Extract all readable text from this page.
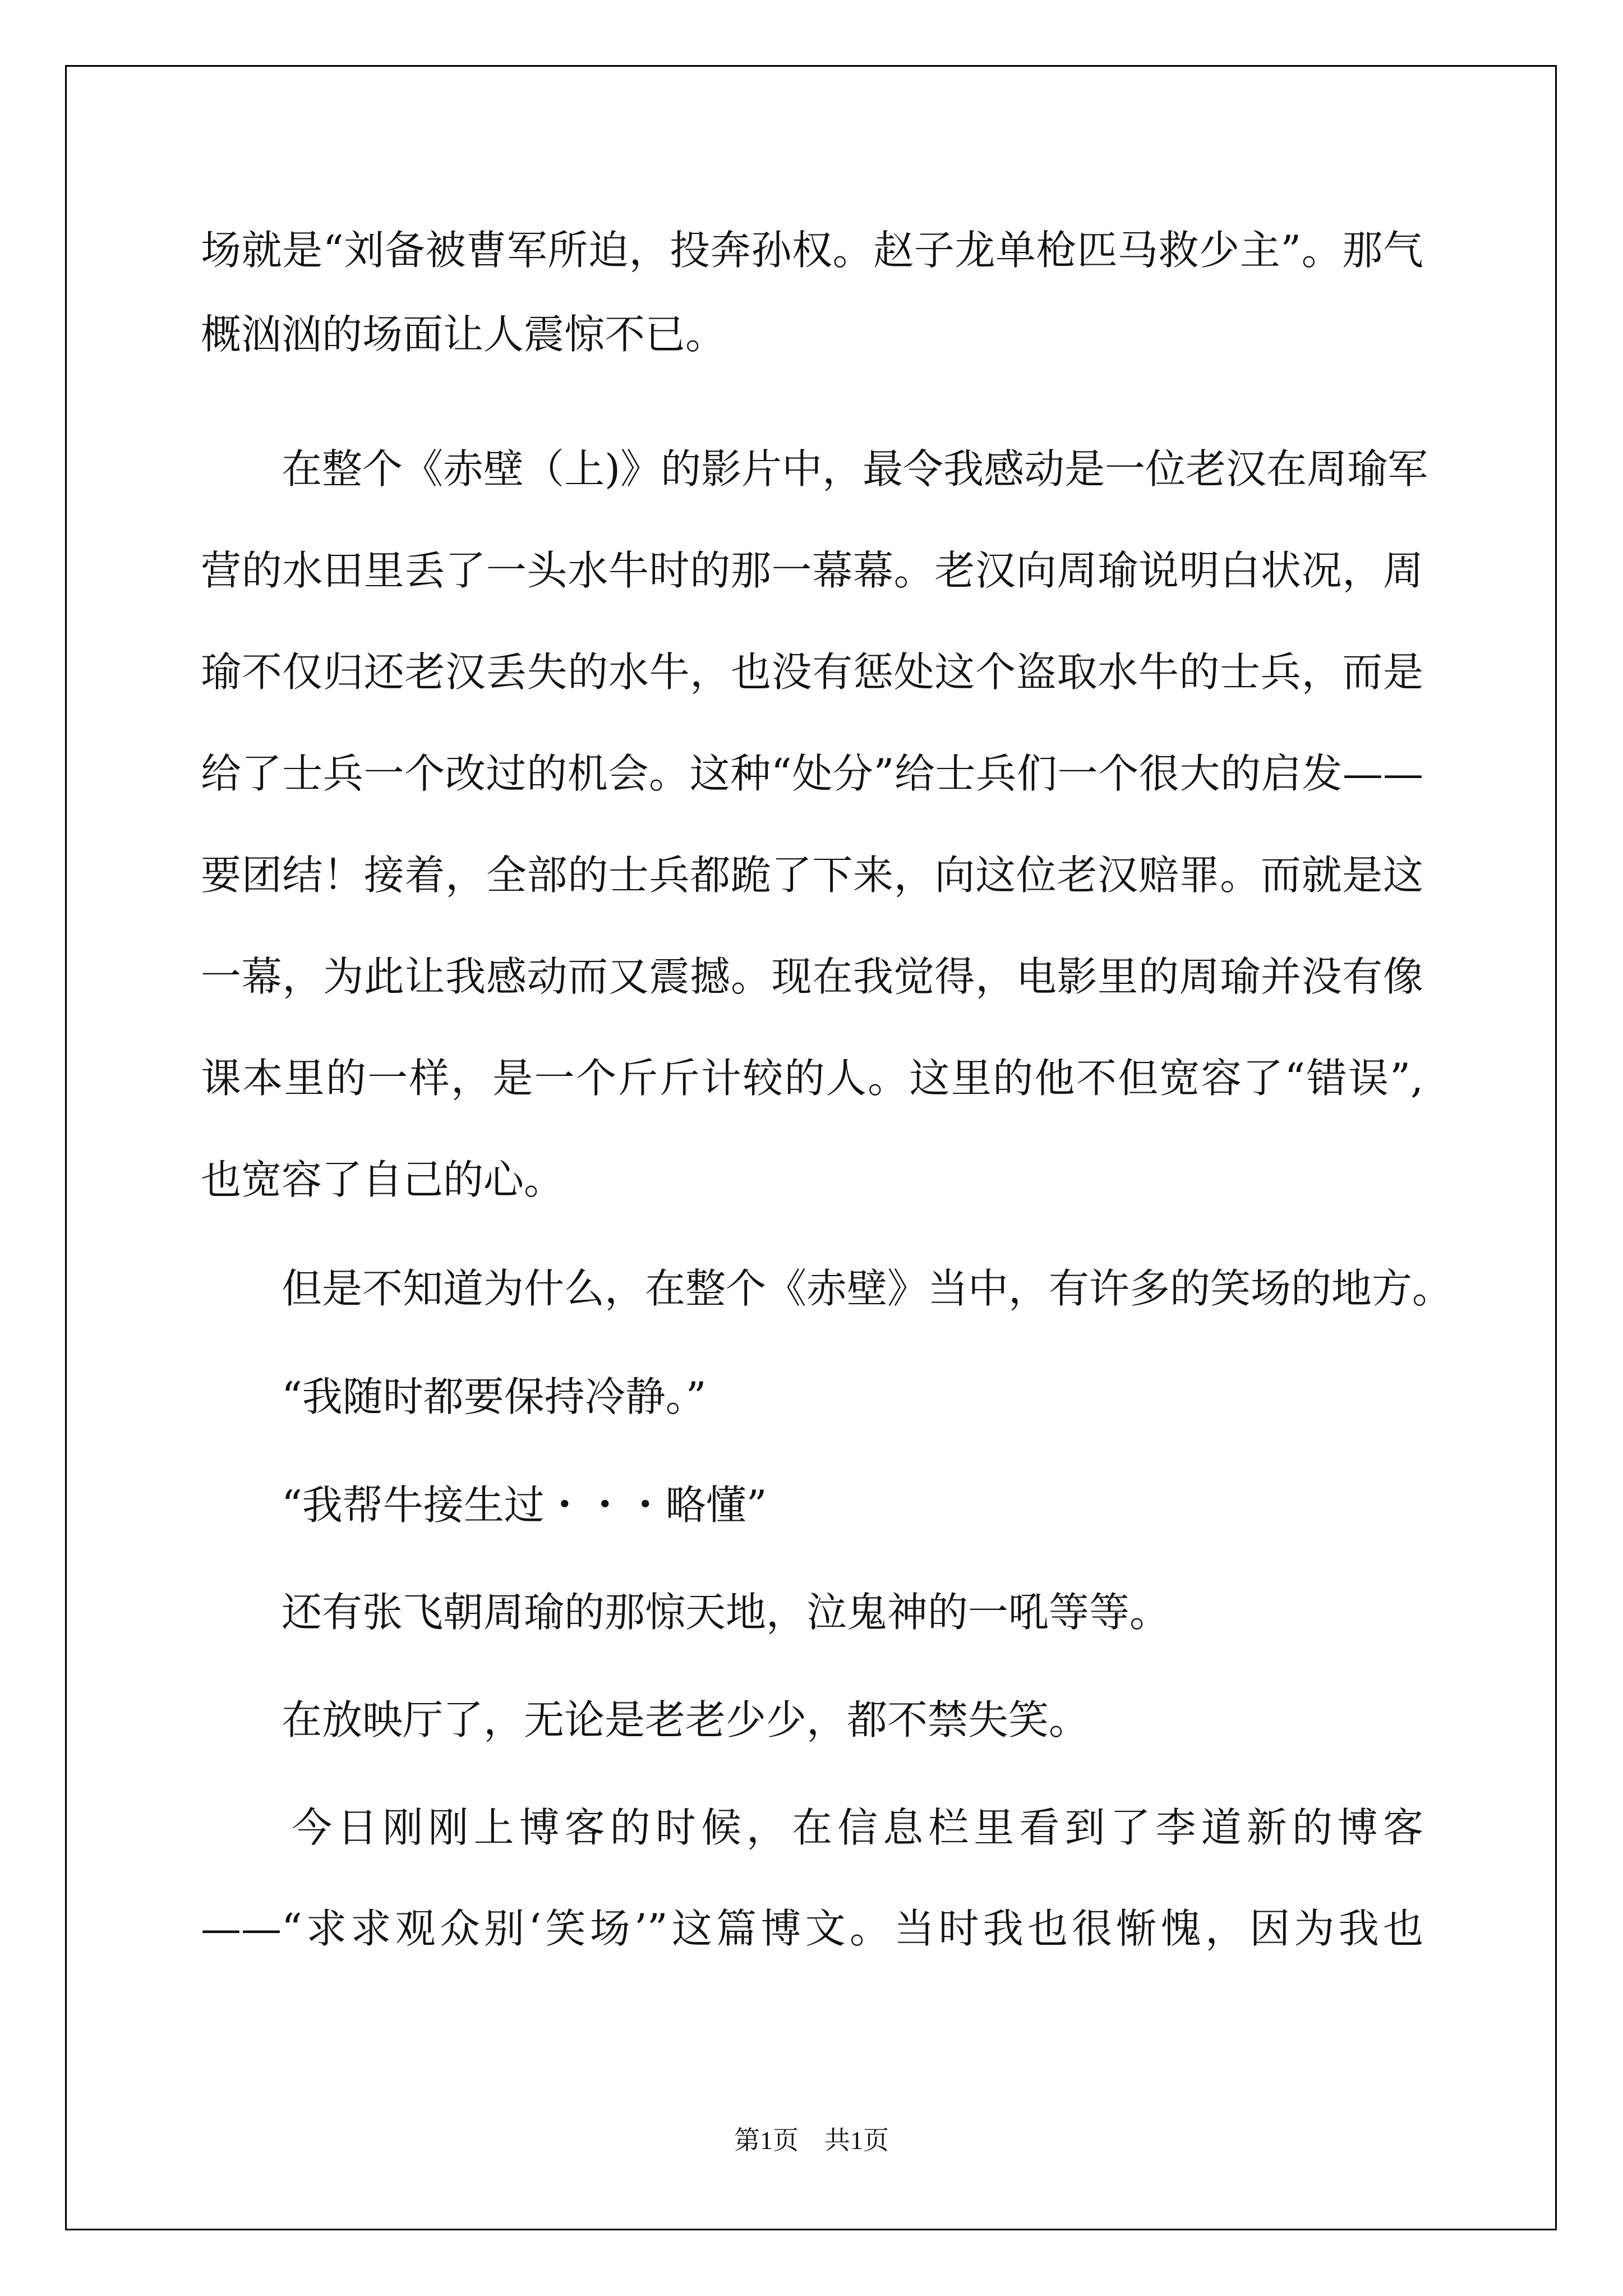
场就是“刘备被曹军所迫，投奔孙权。赵子龙单枪匹马救少主”。那气
概汹汹的场面让人震惊不已。
　　在整个《赤壁（上)》的影片中，最令我感动是一位老汉在周瑜军
营的水田里丢了一头水牛时的那一幕幕。老汉向周瑜说明白状况，周
瑜不仅归还老汉丢失的水牛，也没有惩处这个盗取水牛的士兵，而是
给了士兵一个改过的机会。这种“处分”给士兵们一个很大的启发——
要团结！接着，全部的士兵都跪了下来，向这位老汉赔罪。而就是这
一幕，为此让我感动而又震撼。现在我觉得，电影里的周瑜并没有像
课本里的一样，是一个斤斤计较的人。这里的他不但宽容了“错误”,
也宽容了自己的心。
　　但是不知道为什么，在整个《赤壁》当中，有许多的笑场的地方。
　　“我随时都要保持冷静。”
　　“我帮牛接生过・・・略懂”
　　还有张飞朝周瑜的那惊天地，泣鬼神的一吼等等。
　　在放映厅了，无论是老老少少，都不禁失笑。
　　今日刚刚上博客的时候，在信息栏里看到了李道新的博客
——“求求观众别‘笑场’”这篇博文。当时我也很惭愧，因为我也
第1页　共1页
